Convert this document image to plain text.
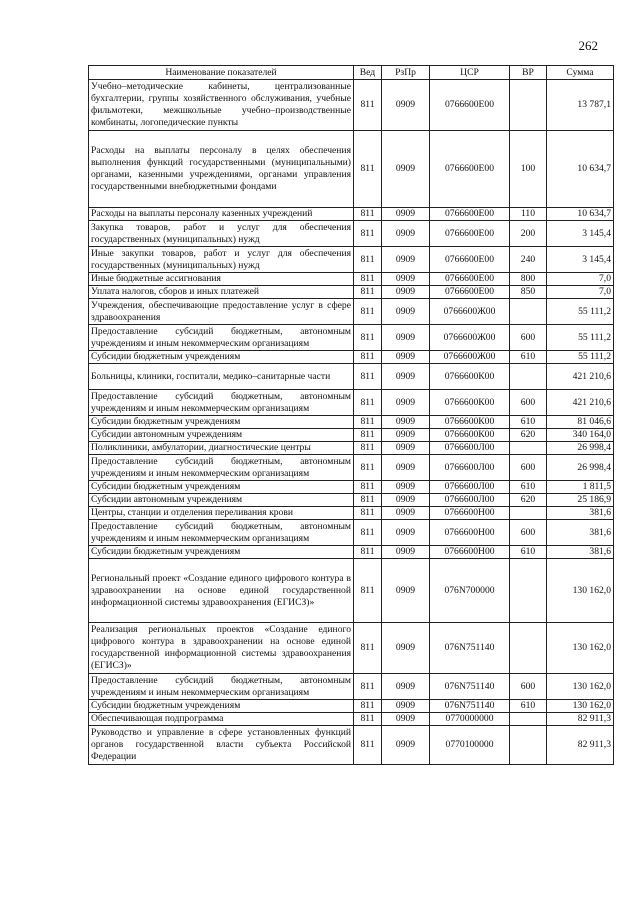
262
Наименование показателей	Вед	РзПр	ЦСР	ВР	Сумма
Учебно–методические кабинеты, централизованные бухгалтерии, группы хозяйственного обслуживания, учебные фильмотеки, межшкольные учебно–производственные комбинаты, логопедические пункты	811	0909	0766600Е00		13 787,1
Расходы на выплаты персоналу в целях обеспечения выполнения функций государственными (муниципальными) органами, казенными учреждениями, органами управления государственными внебюджетными фондами	811	0909	0766600Е00	100	10 634,7
Расходы на выплаты персоналу казенных учреждений	811	0909	0766600Е00	110	10 634,7
Закупка товаров, работ и услуг для обеспечения государственных (муниципальных) нужд	811	0909	0766600Е00	200	3 145,4
Иные закупки товаров, работ и услуг для обеспечения государственных (муниципальных) нужд	811	0909	0766600Е00	240	3 145,4
Иные бюджетные ассигнования	811	0909	0766600Е00	800	7,0
Уплата налогов, сборов и иных платежей	811	0909	0766600Е00	850	7,0
Учреждения, обеспечивающие предоставление услуг в сфере здравоохранения	811	0909	0766600Ж00		55 111,2
Предоставление субсидий бюджетным, автономным учреждениям и иным некоммерческим организациям	811	0909	0766600Ж00	600	55 111,2
Субсидии бюджетным учреждениям	811	0909	0766600Ж00	610	55 111,2
Больницы, клиники, госпитали, медико–санитарные части	811	0909	0766600К00		421 210,6
Предоставление субсидий бюджетным, автономным учреждениям и иным некоммерческим организациям	811	0909	0766600К00	600	421 210,6
Субсидии бюджетным учреждениям	811	0909	0766600К00	610	81 046,6
Субсидии автономным учреждениям	811	0909	0766600К00	620	340 164,0
Поликлиники, амбулатории, диагностические центры	811	0909	0766600Л00		26 998,4
Предоставление субсидий бюджетным, автономным учреждениям и иным некоммерческим организациям	811	0909	0766600Л00	600	26 998,4
Субсидии бюджетным учреждениям	811	0909	0766600Л00	610	1 811,5
Субсидии автономным учреждениям	811	0909	0766600Л00	620	25 186,9
Центры, станции и отделения переливания крови	811	0909	0766600Н00		381,6
Предоставление субсидий бюджетным, автономным учреждениям и иным некоммерческим организациям	811	0909	0766600Н00	600	381,6
Субсидии бюджетным учреждениям	811	0909	0766600Н00	610	381,6
Региональный проект «Создание единого цифрового контура в здравоохранении на основе единой государственной информационной системы здравоохранения (ЕГИСЗ)»	811	0909	076N700000		130 162,0
Реализация региональных проектов «Создание единого цифрового контура в здравоохранении на основе единой государственной информационной системы здравоохранения (ЕГИСЗ)»	811	0909	076N751140		130 162,0
Предоставление субсидий бюджетным, автономным учреждениям и иным некоммерческим организациям	811	0909	076N751140	600	130 162,0
Субсидии бюджетным учреждениям	811	0909	076N751140	610	130 162,0
Обеспечивающая подпрограмма	811	0909	0770000000		82 911,3
Руководство и управление в сфере установленных функций органов государственной власти субъекта Российской Федерации	811	0909	0770100000		82 911,3
